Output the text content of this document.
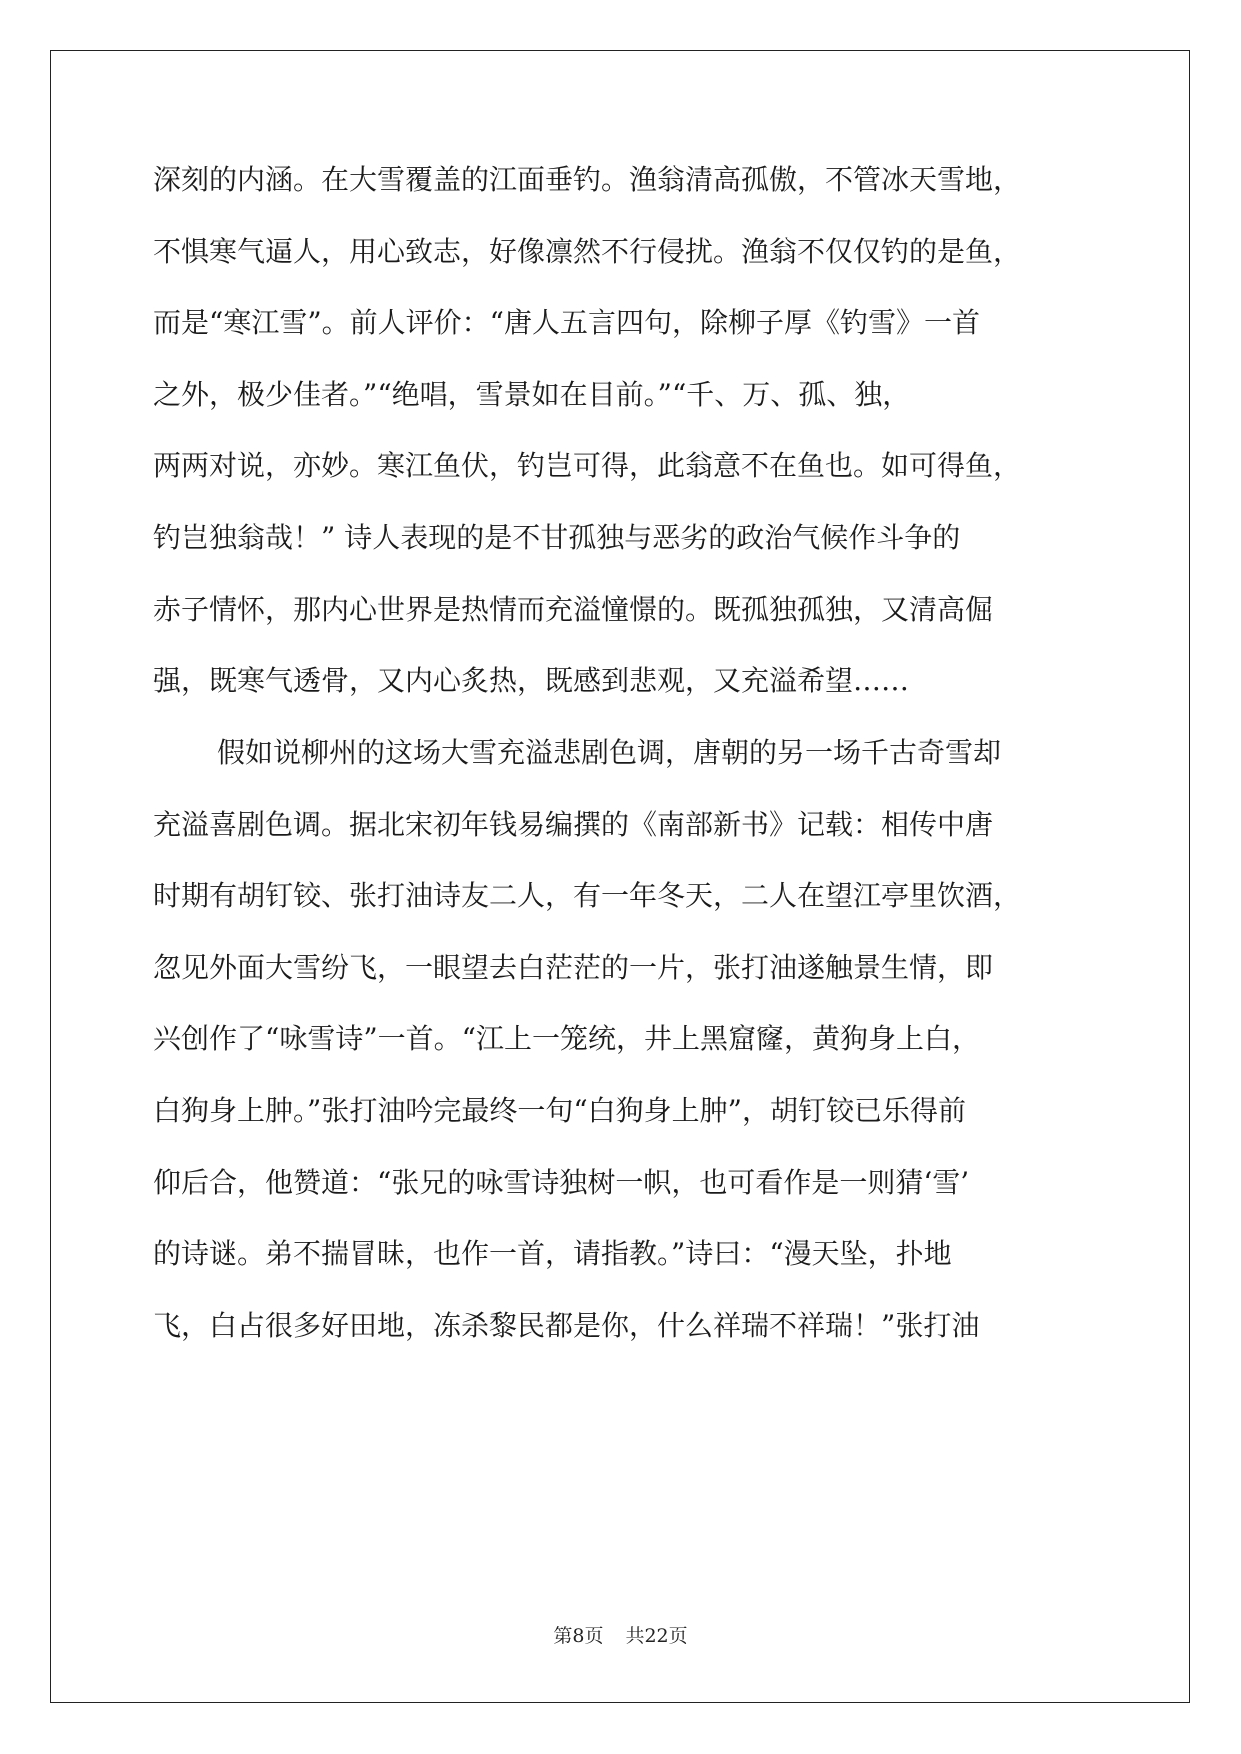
深刻的内涵。在大雪覆盖的江面垂钓。渔翁清高孤傲，不管冰天雪地，
不惧寒气逼人，用心致志，好像凛然不行侵扰。渔翁不仅仅钓的是鱼，
而是“寒江雪”。前人评价：“唐人五言四句，除柳子厚《钓雪》一首
之外，极少佳者。”“绝唱，雪景如在目前。”“千、万、孤、独，
两两对说，亦妙。寒江鱼伏，钓岂可得，此翁意不在鱼也。如可得鱼，
钓岂独翁哉！” 诗人表现的是不甘孤独与恶劣的政治气候作斗争的
赤子情怀，那内心世界是热情而充溢憧憬的。既孤独孤独，又清高倔
强，既寒气透骨，又内心炙热，既感到悲观，又充溢希望……
假如说柳州的这场大雪充溢悲剧色调，唐朝的另一场千古奇雪却
充溢喜剧色调。据北宋初年钱易编撰的《南部新书》记载：相传中唐
时期有胡钉铰、张打油诗友二人，有一年冬天，二人在望江亭里饮酒，
忽见外面大雪纷飞，一眼望去白茫茫的一片，张打油遂触景生情，即
兴创作了“咏雪诗”一首。“江上一笼统，井上黑窟窿，黄狗身上白，
白狗身上肿。”张打油吟完最终一句“白狗身上肿”，胡钉铰已乐得前
仰后合，他赞道：“张兄的咏雪诗独树一帜，也可看作是一则猜‘雪’
的诗谜。弟不揣冒昧，也作一首，请指教。”诗曰：“漫天坠，扑地
飞，白占很多好田地，冻杀黎民都是你，什么祥瑞不祥瑞！”张打油
第8页 共22页
